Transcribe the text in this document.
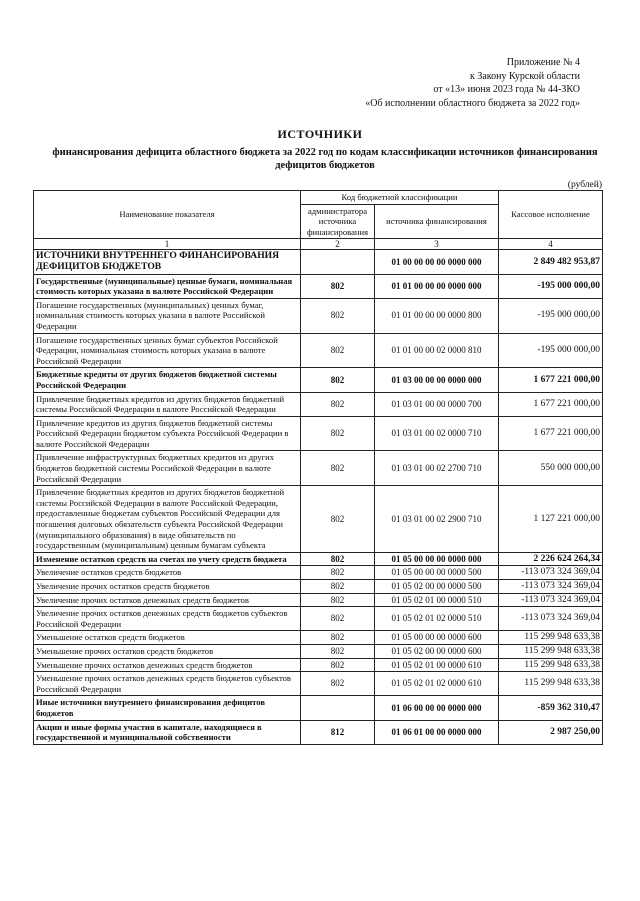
Приложение № 4
к Закону Курской области
от «13» июня 2023 года № 44-ЗКО
«Об исполнении областного бюджета за 2022 год»
ИСТОЧНИКИ
финансирования дефицита областного бюджета за 2022 год по кодам классификации источников финансирования дефицитов бюджетов
(рублей)
Наименование показателя	Код бюджетной классификации		Кассовое исполнение
	администратора источника финансирования	источника финансирования	
1	2	3	4
ИСТОЧНИКИ ВНУТРЕННЕГО ФИНАНСИРОВАНИЯ ДЕФИЦИТОВ БЮДЖЕТОВ		01 00 00 00 00 0000 000	2 849 482 953,87
Государственные (муниципальные) ценные бумаги, номинальная стоимость которых указана в валюте Российской Федерации	802	01 01 00 00 00 0000 000	-195 000 000,00
Погашение государственных (муниципальных) ценных бумаг, номинальная стоимость которых указана в валюте Российской Федерации	802	01 01 00 00 00 0000 800	-195 000 000,00
Погашение государственных ценных бумаг субъектов Российской Федерации, номинальная стоимость которых указана в валюте Российской Федерации	802	01 01 00 00 02 0000 810	-195 000 000,00
Бюджетные кредиты от других бюджетов бюджетной системы Российской Федерации	802	01 03 00 00 00 0000 000	1 677 221 000,00
Привлечение бюджетных кредитов из других бюджетов бюджетной системы Российской Федерации в валюте Российской Федерации	802	01 03 01 00 00 0000 700	1 677 221 000,00
Привлечение кредитов из других бюджетов бюджетной системы Российской Федерации бюджетом субъекта Российской Федерации в валюте Российской Федерации	802	01 03 01 00 02 0000 710	1 677 221 000,00
Привлечение инфраструктурных бюджетных кредитов из других бюджетов бюджетной системы Российской Федерации в валюте Российской Федерации	802	01 03 01 00 02 2700 710	550 000 000,00
Привлечение бюджетных кредитов из других бюджетов бюджетной системы Российской Федерации в валюте Российской Федерации, предоставленные бюджетам субъектов Российской Федерации для погашения долговых обязательств субъекта Российской Федерации (муниципального образования) в виде обязательств по государственным (муниципальным) ценным бумагам субъекта	802	01 03 01 00 02 2900 710	1 127 221 000,00
Изменение остатков средств на счетах по учету средств бюджета	802	01 05 00 00 00 0000 000	2 226 624 264,34
Увеличение остатков средств бюджетов	802	01 05 00 00 00 0000 500	-113 073 324 369,04
Увеличение прочих остатков средств бюджетов	802	01 05 02 00 00 0000 500	-113 073 324 369,04
Увеличение прочих остатков денежных средств бюджетов	802	01 05 02 01 00 0000 510	-113 073 324 369,04
Увеличение прочих остатков денежных средств бюджетов субъектов Российской Федерации	802	01 05 02 01 02 0000 510	-113 073 324 369,04
Уменьшение остатков средств бюджетов	802	01 05 00 00 00 0000 600	115 299 948 633,38
Уменьшение прочих остатков средств бюджетов	802	01 05 02 00 00 0000 600	115 299 948 633,38
Уменьшение прочих остатков денежных средств бюджетов	802	01 05 02 01 00 0000 610	115 299 948 633,38
Уменьшение прочих остатков денежных средств бюджетов субъектов Российской Федерации	802	01 05 02 01 02 0000 610	115 299 948 633,38
Иные источники внутреннего финансирования дефицитов бюджетов		01 06 00 00 00 0000 000	-859 362 310,47
Акции и иные формы участия в капитале, находящиеся в государственной и муниципальной собственности	812	01 06 01 00 00 0000 000	2 987 250,00
